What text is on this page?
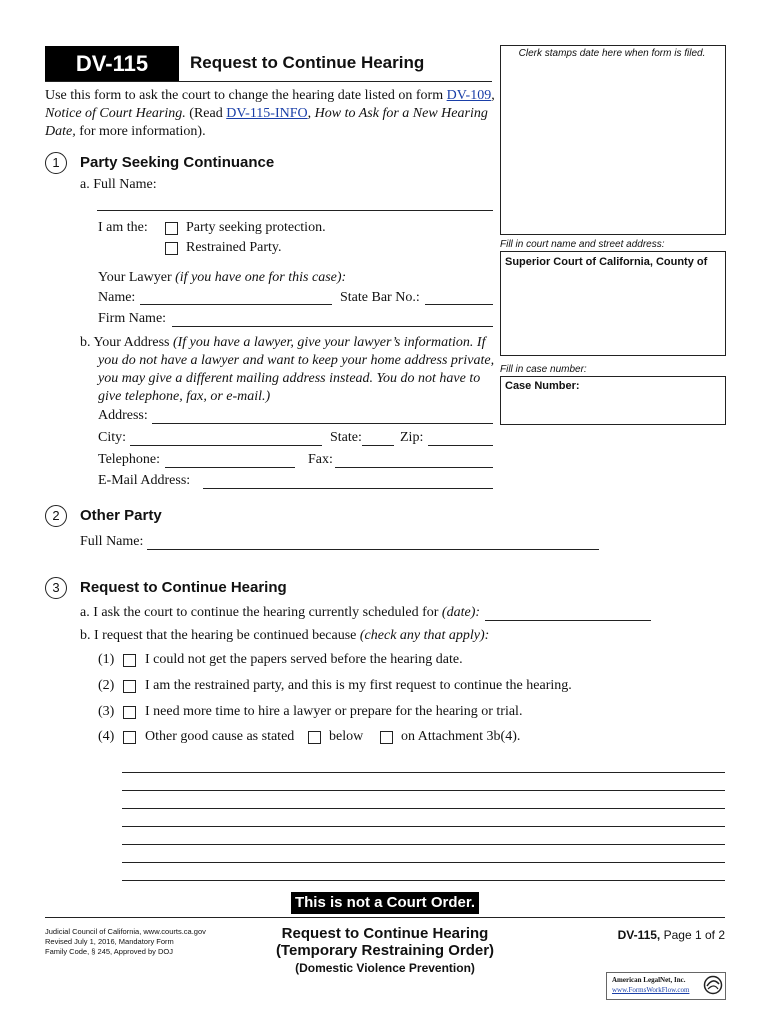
DV-115	Request to Continue Hearing
Use this form to ask the court to change the hearing date listed on form DV-109, Notice of Court Hearing. (Read DV-115-INFO, How to Ask for a New Hearing Date, for more information).
Clerk stamps date here when form is filed.
Fill in court name and street address:
Superior Court of California, County of
Fill in case number:
Case Number:
1	Party Seeking Continuance
a. Full Name:
I am the:	Party seeking protection.
Restrained Party.
Your Lawyer (if you have one for this case):
Name:	State Bar No.:
Firm Name:
b. Your Address (If you have a lawyer, give your lawyer’s information. If
you do not have a lawyer and want to keep your home address private,
you may give a different mailing address instead. You do not have to
give telephone, fax, or e-mail.)
Address:
City:	State:	Zip:
Telephone:	Fax:
E-Mail Address:
2	Other Party
Full Name:
3	Request to Continue Hearing
a. I ask the court to continue the hearing currently scheduled for (date):
b. I request that the hearing be continued because (check any that apply):
(1) I could not get the papers served before the hearing date.
(2) I am the restrained party, and this is my first request to continue the hearing.
(3) I need more time to hire a lawyer or prepare for the hearing or trial.
(4) Other good cause as stated below	on Attachment 3b(4).
This is not a Court Order.
Judicial Council of California, www.courts.ca.gov
Revised July 1, 2016, Mandatory Form
Family Code, § 245, Approved by DOJ
Request to Continue Hearing
(Temporary Restraining Order)
(Domestic Violence Prevention)
DV-115, Page 1 of 2
American LegalNet, Inc.
www.FormsWorkFlow.com
